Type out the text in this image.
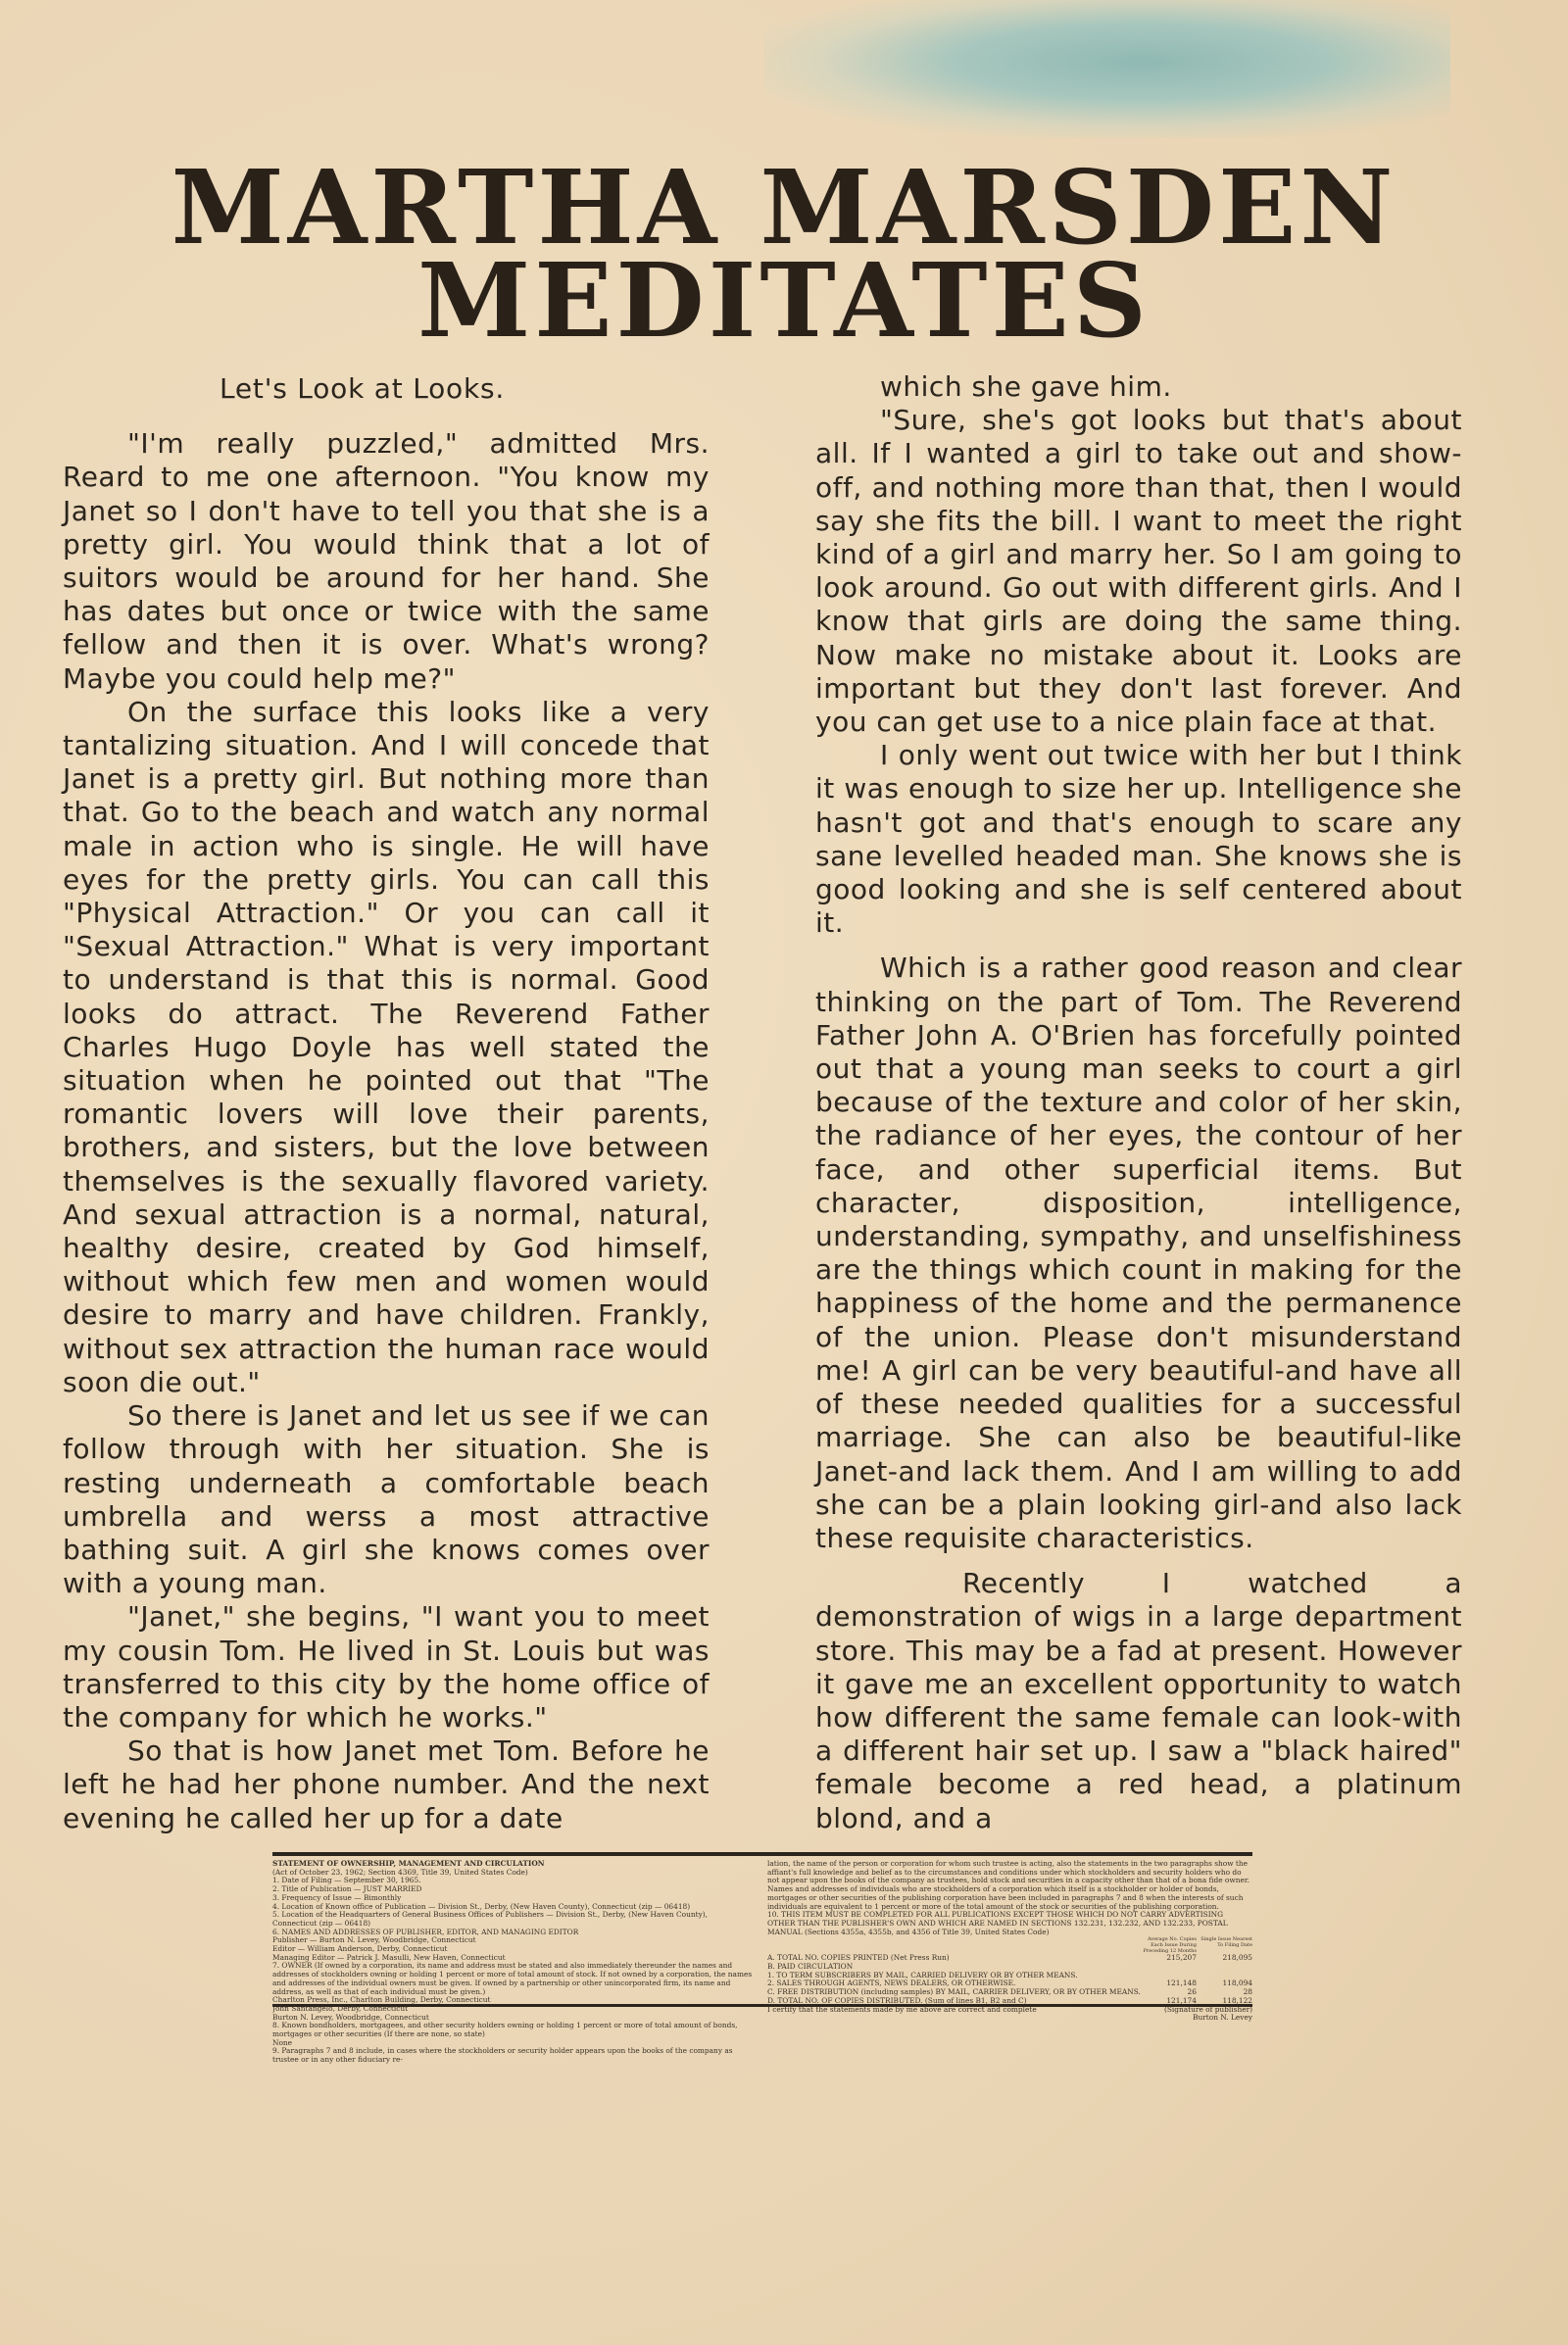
MARTHA MARSDEN
MEDITATES
Let's Look at Looks.

"I'm really puzzled," admitted Mrs. Reard to me one afternoon. "You know my Janet so I don't have to tell you that she is a pretty girl. You would think that a lot of suitors would be around for her hand. She has dates but once or twice with the same fellow and then it is over. What's wrong? Maybe you could help me?"

On the surface this looks like a very tantalizing situation. And I will concede that Janet is a pretty girl. But nothing more than that. Go to the beach and watch any normal male in action who is single. He will have eyes for the pretty girls. You can call this "Physical Attraction." Or you can call it "Sexual Attraction." What is very important to understand is that this is normal. Good looks do attract. The Reverend Father Charles Hugo Doyle has well stated the situation when he pointed out that "The romantic lovers will love their parents, brothers, and sisters, but the love between themselves is the sexually flavored variety. And sexual attraction is a normal, natural, healthy desire, created by God himself, without which few men and women would desire to marry and have children. Frankly, without sex attraction the human race would soon die out."

So there is Janet and let us see if we can follow through with her situation. She is resting underneath a comfortable beach umbrella and werss a most attractive bathing suit. A girl she knows comes over with a young man.

"Janet," she begins, "I want you to meet my cousin Tom. He lived in St. Louis but was transferred to this city by the home office of the company for which he works."

So that is how Janet met Tom. Before he left he had her phone number. And the next evening he called her up for a date

which she gave him.

"Sure, she's got looks but that's about all. If I wanted a girl to take out and show-off, and nothing more than that, then I would say she fits the bill. I want to meet the right kind of a girl and marry her. So I am going to look around. Go out with different girls. And I know that girls are doing the same thing. Now make no mistake about it. Looks are important but they don't last forever. And you can get use to a nice plain face at that.

I only went out twice with her but I think it was enough to size her up. Intelligence she hasn't got and that's enough to scare any sane levelled headed man. She knows she is good looking and she is self centered about it.

Which is a rather good reason and clear thinking on the part of Tom. The Reverend Father John A. O'Brien has forcefully pointed out that a young man seeks to court a girl because of the texture and color of her skin, the radiance of her eyes, the contour of her face, and other superficial items. But character, disposition, intelligence, understanding, sympathy, and unselfishiness are the things which count in making for the happiness of the home and the permanence of the union. Please don't misunderstand me! A girl can be very beautiful-and have all of these needed qualities for a successful marriage. She can also be beautiful-like Janet-and lack them. And I am willing to add she can be a plain looking girl-and also lack these requisite characteristics.

Recently I watched a demonstration of wigs in a large department store. This may be a fad at present. However it gave me an excellent opportunity to watch how different the same female can look-with a different hair set up. I saw a "black haired" female become a red head, a platinum blond, and a

STATEMENT OF OWNERSHIP, MANAGEMENT AND CIRCULATION
(Act of October 23, 1962; Section 4369, Title 39, United States Code)
1. Date of Filing — September 30, 1965.
2. Title of Publication — JUST MARRIED
3. Frequency of Issue — Bimonthly
4. Location of Known office of Publication — Division St., Derby, (New Haven County), Connecticut (zip — 06418)
5. Location of the Headquarters of General Business Offices of Publishers — Division St., Derby, (New Haven County), Connecticut (zip — 06418)
6. NAMES AND ADDRESSES OF PUBLISHER, EDITOR, AND MANAGING EDITOR
Publisher — Burton N. Levey, Woodbridge, Connecticut
Editor — William Anderson, Derby, Connecticut
Managing Editor — Patrick J. Masulli, New Haven, Connecticut
7. OWNER (If owned by a corporation, its name and address must be stated and also immediately thereunder the names and addresses of stockholders owning or holding 1 percent or more of total amount of stock. If not owned by a corporation, the names and addresses of the individual owners must be given. If owned by a partnership or other unincorporated firm, its name and address, as well as that of each individual must be given.)
Charlton Press, Inc., Charlton Building, Derby, Connecticut
John Santangelo, Derby, Connecticut
Burton N. Levey, Woodbridge, Connecticut
8. Known bondholders, mortgagees, and other security holders owning or holding 1 percent or more of total amount of bonds, mortgages or other securities (If there are none, so state)
None
9. Paragraphs 7 and 8 include, in cases where the stockholders or security holder appears upon the books of the company as trustee or in any other fiduciary re-
lation, the name of the person or corporation for whom such trustee is acting, also the statements in the two paragraphs show the affiant's full knowledge and belief as to the circumstances and conditions under which stockholders and security holders who do not appear upon the books of the company as trustees, hold stock and securities in a capacity other than that of a bona fide owner. Names and addresses of individuals who are stockholders of a corporation which itself is a stockholder or holder of bonds, mortgages or other securities of the publishing corporation have been included in paragraphs 7 and 8 when the interests of such individuals are equivalent to 1 percent or more of the total amount of the stock or securities of the publishing corporation.
10. THIS ITEM MUST BE COMPLETED FOR ALL PUBLICATIONS EXCEPT THOSE WHICH DO NOT CARRY ADVERTISING OTHER THAN THE PUBLISHER'S OWN AND WHICH ARE NAMED IN SECTIONS 132.231, 132.232, AND 132.233, POSTAL MANUAL (Sections 4355a, 4355b, and 4356 of Title 39, United States Code)
	Average No. Copies Each Issue During Preceding 12 Months	Single Issue Nearest To Filing Date
A. TOTAL NO. COPIES PRINTED (Net Press Run)	215,207	218,095
B. PAID CIRCULATION		
1. TO TERM SUBSCRIBERS BY MAIL, CARRIED DELIVERY OR BY OTHER MEANS.		
2. SALES THROUGH AGENTS, NEWS DEALERS, OR OTHERWISE.	121,148	118,094
C. FREE DISTRIBUTION (including samples) BY MAIL, CARRIER DELIVERY, OR BY OTHER MEANS.	26	28
D. TOTAL NO. OF COPIES DISTRIBUTED. (Sum of lines B1, B2 and C)	121,174	118,122
I certify that the statements made by me above are correct and complete	(Signature of publisher) Burton N. Levey	
